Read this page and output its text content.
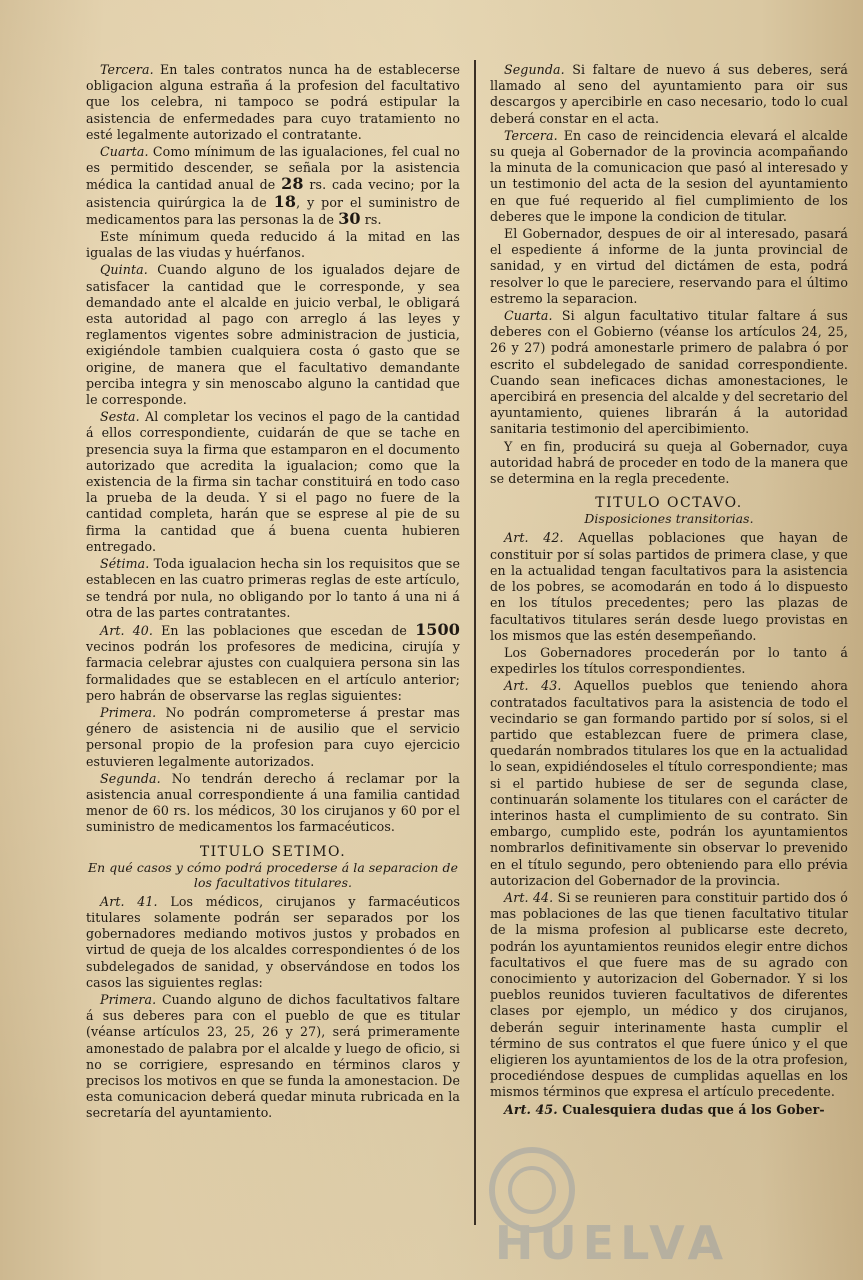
Tercera. En tales contratos nunca ha de establecerse obligacion alguna estraña á la profesion del facultativo que los celebra, ni tampoco se podrá estipular la asistencia de enfermedades para cuyo tratamiento no esté legalmente autorizado el contratante.

Cuarta. Como mínimum de las igualaciones, fel cual no es permitido descender, se señala por la asistencia médica la cantidad anual de 28 rs. cada vecino; por la asistencia quirúrgica la de 18, y por el suministro de medicamentos para las personas la de 30 rs.

Este mínimum queda reducido á la mitad en las igualas de las viudas y huérfanos.

Quinta. Cuando alguno de los igualados dejare de satisfacer la cantidad que le corresponde, y sea demandado ante el alcalde en juicio verbal, le obligará esta autoridad al pago con arreglo á las leyes y reglamentos vigentes sobre administracion de justicia, exigiéndole tambien cualquiera costa ó gasto que se origine, de manera que el facultativo demandante perciba integra y sin menoscabo alguno la cantidad que le corresponde.

Sesta. Al completar los vecinos el pago de la cantidad á ellos correspondiente, cuidarán de que se tache en presencia suya la firma que estamparon en el documento autorizado que acredita la igualacion; como que la existencia de la firma sin tachar constituirá en todo caso la prueba de la deuda. Y si el pago no fuere de la cantidad completa, harán que se esprese al pie de su firma la cantidad que á buena cuenta hubieren entregado.

Sétima. Toda igualacion hecha sin los requisitos que se establecen en las cuatro primeras reglas de este artículo, se tendrá por nula, no obligando por lo tanto á una ni á otra de las partes contratantes.

Art. 40. En las poblaciones que escedan de 1500 vecinos podrán los profesores de medicina, cirujía y farmacia celebrar ajustes con cualquiera persona sin las formalidades que se establecen en el artículo anterior; pero habrán de observarse las reglas siguientes:

Primera. No podrán comprometerse á prestar mas género de asistencia ni de ausilio que el servicio personal propio de la profesion para cuyo ejercicio estuvieren legalmente autorizados.

Segunda. No tendrán derecho á reclamar por la asistencia anual correspondiente á una familia cantidad menor de 60 rs. los médicos, 30 los cirujanos y 60 por el suministro de medicamentos los farmacéuticos.

TITULO SETIMO.

En qué casos y cómo podrá procederse á la separacion de los facultativos titulares.

Art. 41. Los médicos, cirujanos y farmacéuticos titulares solamente podrán ser separados por los gobernadores mediando motivos justos y probados en virtud de queja de los alcaldes correspondientes ó de los subdelegados de sanidad, y observándose en todos los casos las siguientes reglas:

Primera. Cuando alguno de dichos facultativos faltare á sus deberes para con el pueblo de que es titular (véanse artículos 23, 25, 26 y 27), será primeramente amonestado de palabra por el alcalde y luego de oficio, si no se corrigiere, espresando en términos claros y precisos los motivos en que se funda la amonestacion. De esta comunicacion deberá quedar minuta rubricada en la secretaría del ayuntamiento.

Segunda. Si faltare de nuevo á sus deberes, será llamado al seno del ayuntamiento para oir sus descargos y apercibirle en caso necesario, todo lo cual deberá constar en el acta.

Tercera. En caso de reincidencia elevará el alcalde su queja al Gobernador de la provincia acompañando la minuta de la comunicacion que pasó al interesado y un testimonio del acta de la sesion del ayuntamiento en que fué requerido al fiel cumplimiento de los deberes que le impone la condicion de titular.

El Gobernador, despues de oir al interesado, pasará el espediente á informe de la junta provincial de sanidad, y en virtud del dictámen de esta, podrá resolver lo que le pareciere, reservando para el último estremo la separacion.

Cuarta. Si algun facultativo titular faltare á sus deberes con el Gobierno (véanse los artículos 24, 25, 26 y 27) podrá amonestarle primero de palabra ó por escrito el subdelegado de sanidad correspondiente. Cuando sean ineficaces dichas amonestaciones, le apercibirá en presencia del alcalde y del secretario del ayuntamiento, quienes librarán á la autoridad sanitaria testimonio del apercibimiento.

Y en fin, producirá su queja al Gobernador, cuya autoridad habrá de proceder en todo de la manera que se determina en la regla precedente.

TITULO OCTAVO.

Disposiciones transitorias.

Art. 42. Aquellas poblaciones que hayan de constituir por sí solas partidos de primera clase, y que en la actualidad tengan facultativos para la asistencia de los pobres, se acomodarán en todo á lo dispuesto en los títulos precedentes; pero las plazas de facultativos titulares serán desde luego provistas en los mismos que las estén desempeñando.

Los Gobernadores procederán por lo tanto á expedirles los títulos correspondientes.

Art. 43. Aquellos pueblos que teniendo ahora contratados facultativos para la asistencia de todo el vecindario se gan formando partido por sí solos, si el partido que establezcan fuere de primera clase, quedarán nombrados titulares los que en la actualidad lo sean, expidiéndoseles el título correspondiente; mas si el partido hubiese de ser de segunda clase, continuarán solamente los titulares con el carácter de interinos hasta el cumplimiento de su contrato. Sin embargo, cumplido este, podrán los ayuntamientos nombrarlos definitivamente sin observar lo prevenido en el título segundo, pero obteniendo para ello prévia autorizacion del Gobernador de la provincia.

Art. 44. Si se reunieren para constituir partido dos ó mas poblaciones de las que tienen facultativo titular de la misma profesion al publicarse este decreto, podrán los ayuntamientos reunidos elegir entre dichos facultativos el que fuere mas de su agrado con conocimiento y autorizacion del Gobernador. Y si los pueblos reunidos tuvieren facultativos de diferentes clases por ejemplo, un médico y dos cirujanos, deberán seguir interinamente hasta cumplir el término de sus contratos el que fuere único y el que eligieren los ayuntamientos de los de la otra profesion, procediéndose despues de cumplidas aquellas en los mismos términos que expresa el artículo precedente.

Art. 45. Cualesquiera dudas que á los Gober-

HUELVA
